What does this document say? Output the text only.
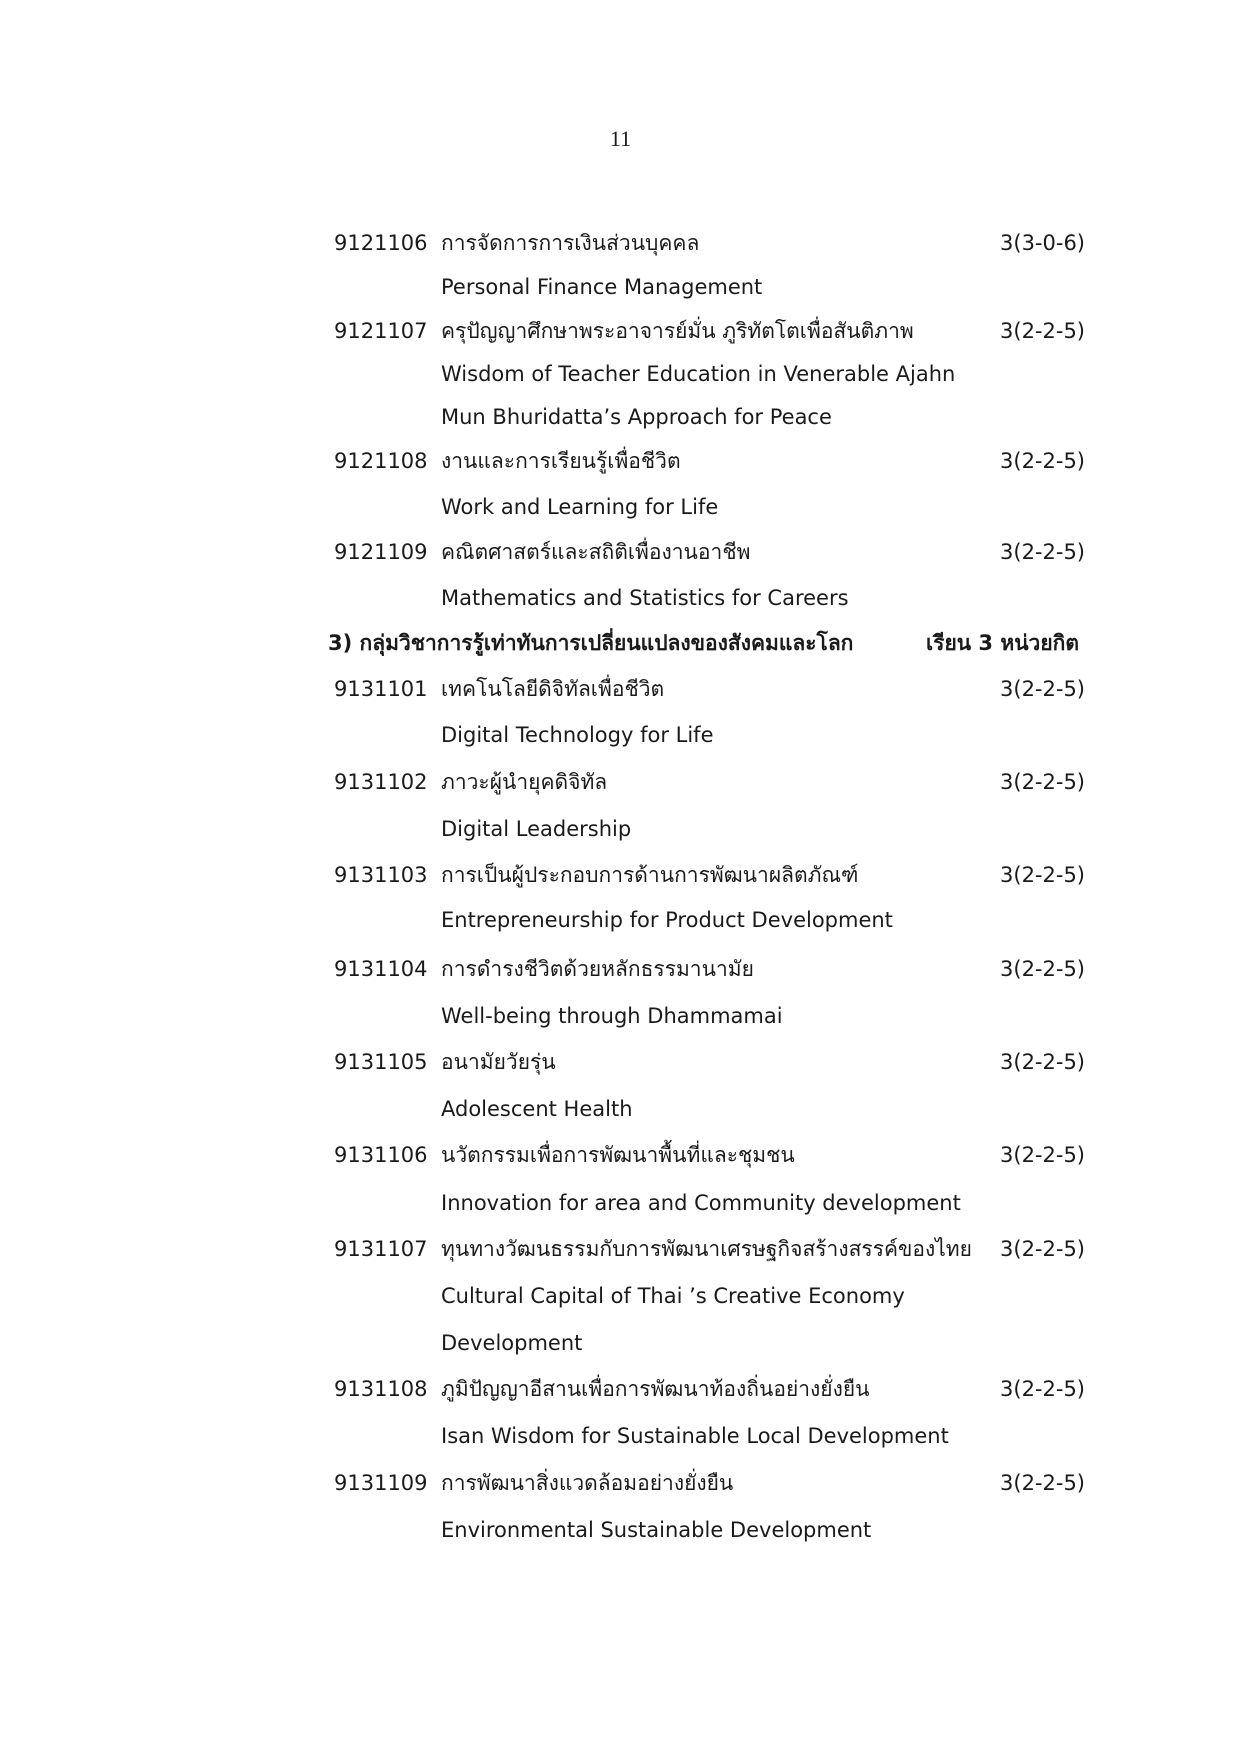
11
9121106 การจัดการการเงินส่วนบุคคล	3(3-0-6)
Personal Finance Management
9121107 ครุปัญญาศึกษาพระอาจารย์มั่น ภูริทัตโตเพื่อสันติภาพ	3(2-2-5)
Wisdom of Teacher Education in Venerable Ajahn
Mun Bhuridatta’s Approach for Peace
9121108 งานและการเรียนรู้เพื่อชีวิต	3(2-2-5)
Work and Learning for Life
9121109 คณิตศาสตร์และสถิติเพื่องานอาชีพ	3(2-2-5)
Mathematics and Statistics for Careers
3) กลุ่มวิชาการรู้เท่าทันการเปลี่ยนแปลงของสังคมและโลก	เรียน 3 หน่วยกิต
9131101 เทคโนโลยีดิจิทัลเพื่อชีวิต	3(2-2-5)
Digital Technology for Life
9131102 ภาวะผู้นำยุคดิจิทัล	3(2-2-5)
Digital Leadership
9131103 การเป็นผู้ประกอบการด้านการพัฒนาผลิตภัณฑ์	3(2-2-5)
Entrepreneurship for Product Development
9131104 การดำรงชีวิตด้วยหลักธรรมานามัย	3(2-2-5)
Well-being through Dhammamai
9131105 อนามัยวัยรุ่น	3(2-2-5)
Adolescent Health
9131106 นวัตกรรมเพื่อการพัฒนาพื้นที่และชุมชน	3(2-2-5)
Innovation for area and Community development
9131107 ทุนทางวัฒนธรรมกับการพัฒนาเศรษฐกิจสร้างสรรค์ของไทย 3(2-2-5)
Cultural Capital of Thai ’s Creative Economy
Development
9131108 ภูมิปัญญาอีสานเพื่อการพัฒนาท้องถิ่นอย่างยั่งยืน	3(2-2-5)
Isan Wisdom for Sustainable Local Development
9131109 การพัฒนาสิ่งแวดล้อมอย่างยั่งยืน	3(2-2-5)
Environmental Sustainable Development
